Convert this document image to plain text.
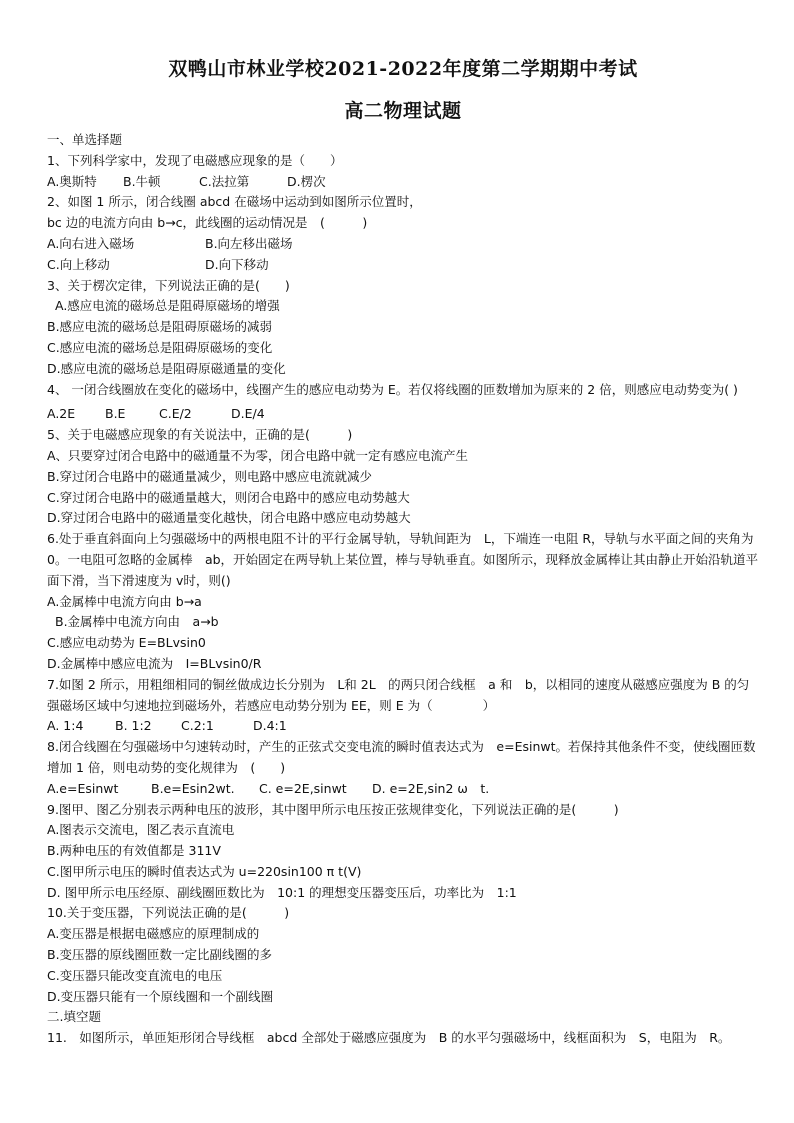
双鸭山市林业学校2021-2022年度第二学期期中考试

高二物理试题

一、单选择题

1、下列科学家中，发现了电磁感应现象的是（　　）

A.奥斯特	B.牛顿	C.法拉第	D.楞次

2、如图 1 所示，闭合线圈 abcd 在磁场中运动到如图所示位置时，

bc 边的电流方向由 b→c，此线圈的运动情况是　(　　　)

A.向右进入磁场	B.向左移出磁场

C.向上移动	D.向下移动

3、关于楞次定律，下列说法正确的是(　　)

A.感应电流的磁场总是阻碍原磁场的增强

B.感应电流的磁场总是阻碍原磁场的减弱

C.感应电流的磁场总是阻碍原磁场的变化

D.感应电流的磁场总是阻碍原磁通量的变化

4、 一闭合线圈放在变化的磁场中，线圈产生的感应电动势为 E。若仅将线圈的匝数增加为原来的 2 倍，则感应电动势变为( )

A.2E	B.E	C.E/2	D.E/4

5、关于电磁感应现象的有关说法中，正确的是(　　　)

A、只要穿过闭合电路中的磁通量不为零，闭合电路中就一定有感应电流产生

B.穿过闭合电路中的磁通量减少，则电路中感应电流就减少

C.穿过闭合电路中的磁通量越大，则闭合电路中的感应电动势越大

D.穿过闭合电路中的磁通量变化越快，闭合电路中感应电动势越大

6.处于垂直斜面向上匀强磁场中的两根电阻不计的平行金属导轨，导轨间距为　L，下端连一电阻 R，导轨与水平面之间的夹角为 0。一电阻可忽略的金属棒　ab，开始固定在两导轨上某位置，棒与导轨垂直。如图所示，现释放金属棒让其由静止开始沿轨道平面下滑，当下滑速度为 v时，则()

A.金属棒中电流方向由 b→a

B.金属棒中电流方向由　a→b

C.感应电动势为 E=BLvsin0

D.金属棒中感应电流为　I=BLvsin0/R

7.如图 2 所示，用粗细相同的铜丝做成边长分别为　L和 2L　的两只闭合线框　a 和　b，以相同的速度从磁感应强度为 B 的匀强磁场区域中匀速地拉到磁场外，若感应电动势分别为 EE，则 E 为（　　　　）

A. 1:4	B. 1:2	C.2:1	D.4:1

8.闭合线圈在匀强磁场中匀速转动时，产生的正弦式交变电流的瞬时值表达式为　e=Esinwt。若保持其他条件不变，使线圈匝数增加 1 倍，则电动势的变化规律为　(　　)

A.e=Esinwt	B.e=Esin2wt.	C. e=2E,sinwt	D. e=2E,sin2 ω　t.

9.图甲、图乙分别表示两种电压的波形，其中图甲所示电压按正弦规律变化，下列说法正确的是(　　　)

A.图表示交流电，图乙表示直流电

B.两种电压的有效值都是 311V

C.图甲所示电压的瞬时值表达式为 u=220sin100 π t(V)

D. 图甲所示电压经原、副线圈匝数比为　10:1 的理想变压器变压后，功率比为　1:1

10.关于变压器，下列说法正确的是(　　　)

A.变压器是根据电磁感应的原理制成的

B.变压器的原线圈匝数一定比副线圈的多

C.变压器只能改变直流电的电压

D.变压器只能有一个原线圈和一个副线圈

二.填空题

11.　如图所示，单匝矩形闭合导线框　abcd 全部处于磁感应强度为　B 的水平匀强磁场中，线框面积为　S，电阻为　R。
